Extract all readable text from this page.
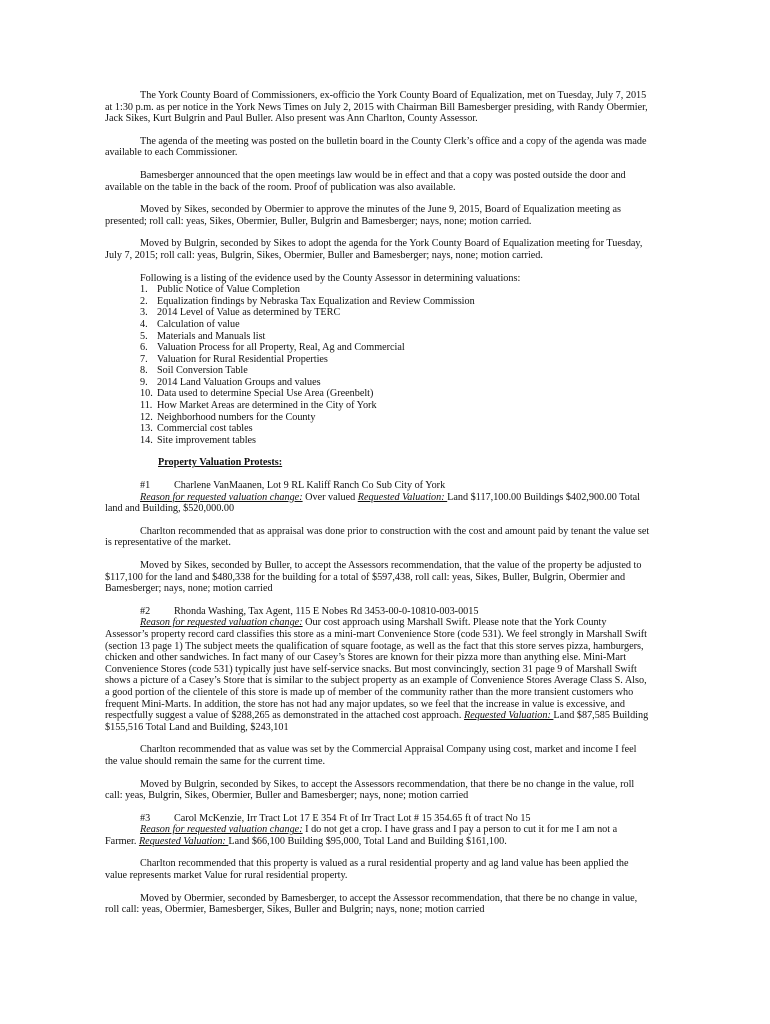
The York County Board of Commissioners, ex-officio the York County Board of Equalization, met on Tuesday, July 7, 2015 at 1:30 p.m. as per notice in the York News Times on July 2, 2015 with Chairman Bill Bamesberger presiding, with Randy Obermier, Jack Sikes, Kurt Bulgrin and Paul Buller. Also present was Ann Charlton, County Assessor.

The agenda of the meeting was posted on the bulletin board in the County Clerk’s office and a copy of the agenda was made available to each Commissioner.

Bamesberger announced that the open meetings law would be in effect and that a copy was posted outside the door and available on the table in the back of the room. Proof of publication was also available.

Moved by Sikes, seconded by Obermier to approve the minutes of the June 9, 2015, Board of Equalization meeting as presented; roll call: yeas, Sikes, Obermier, Buller, Bulgrin and Bamesberger; nays, none; motion carried.

Moved by Bulgrin, seconded by Sikes to adopt the agenda for the York County Board of Equalization meeting for Tuesday, July 7, 2015; roll call: yeas, Bulgrin, Sikes, Obermier, Buller and Bamesberger; nays, none; motion carried.

Following is a listing of the evidence used by the County Assessor in determining valuations:

1. Public Notice of Value Completion
2. Equalization findings by Nebraska Tax Equalization and Review Commission
3. 2014 Level of Value as determined by TERC
4. Calculation of value
5. Materials and Manuals list
6. Valuation Process for all Property, Real, Ag and Commercial
7. Valuation for Rural Residential Properties
8. Soil Conversion Table
9. 2014 Land Valuation Groups and values
10. Data used to determine Special Use Area (Greenbelt)
11. How Market Areas are determined in the City of York
12. Neighborhood numbers for the County
13. Commercial cost tables
14. Site improvement tables

Property Valuation Protests:

#1 Charlene VanMaanen, Lot 9 RL Kaliff Ranch Co Sub City of York

Reason for requested valuation change: Over valued Requested Valuation: Land $117,100.00 Buildings $402,900.00 Total land and Building, $520,000.00

Charlton recommended that as appraisal was done prior to construction with the cost and amount paid by tenant the value set is representative of the market.

Moved by Sikes, seconded by Buller, to accept the Assessors recommendation, that the value of the property be adjusted to $117,100 for the land and $480,338 for the building for a total of $597,438, roll call: yeas, Sikes, Buller, Bulgrin, Obermier and Bamesberger; nays, none; motion carried

#2 Rhonda Washing, Tax Agent, 115 E Nobes Rd 3453-00-0-10810-003-0015

Reason for requested valuation change: Our cost approach using Marshall Swift. Please note that the York County Assessor’s property record card classifies this store as a mini-mart Convenience Store (code 531). We feel strongly in Marshall Swift (section 13 page 1) The subject meets the qualification of square footage, as well as the fact that this store serves pizza, hamburgers, chicken and other sandwiches. In fact many of our Casey’s Stores are known for their pizza more than anything else. Mini-Mart Convenience Stores (code 531) typically just have self-service snacks. But most convincingly, section 31 page 9 of Marshall Swift shows a picture of a Casey’s Store that is similar to the subject property as an example of Convenience Stores Average Class S. Also, a good portion of the clientele of this store is made up of member of the community rather than the more transient customers who frequent Mini-Marts. In addition, the store has not had any major updates, so we feel that the increase in value is excessive, and respectfully suggest a value of $288,265 as demonstrated in the attached cost approach. Requested Valuation: Land $87,585 Building $155,516 Total Land and Building, $243,101

Charlton recommended that as value was set by the Commercial Appraisal Company using cost, market and income I feel the value should remain the same for the current time.

Moved by Bulgrin, seconded by Sikes, to accept the Assessors recommendation, that there be no change in the value, roll call: yeas, Bulgrin, Sikes, Obermier, Buller and Bamesberger; nays, none; motion carried

#3 Carol McKenzie, Irr Tract Lot 17 E 354 Ft of Irr Tract Lot # 15 354.65 ft of tract No 15

Reason for requested valuation change: I do not get a crop. I have grass and I pay a person to cut it for me I am not a Farmer. Requested Valuation: Land $66,100 Building $95,000, Total Land and Building $161,100.

Charlton recommended that this property is valued as a rural residential property and ag land value has been applied the value represents market Value for rural residential property.

Moved by Obermier, seconded by Bamesberger, to accept the Assessor recommendation, that there be no change in value, roll call: yeas, Obermier, Bamesberger, Sikes, Buller and Bulgrin; nays, none; motion carried
